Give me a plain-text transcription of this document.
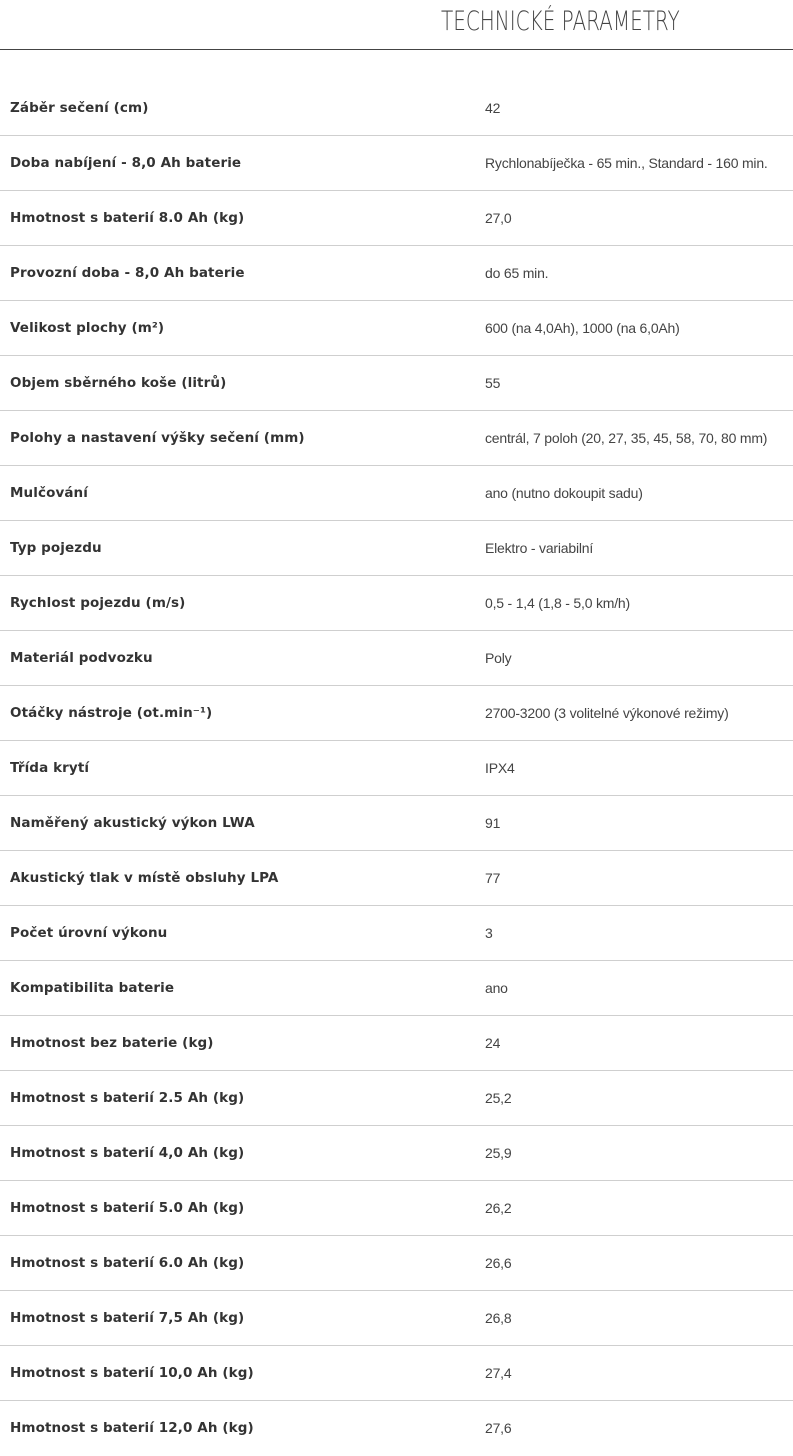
TECHNICKÉ PARAMETRY
Záběr sečení (cm)	42
Doba nabíjení - 8,0 Ah baterie	Rychlonabíječka - 65 min., Standard - 160 min.
Hmotnost s baterií 8.0 Ah (kg)	27,0
Provozní doba - 8,0 Ah baterie	do 65 min.
Velikost plochy (m²)	600 (na 4,0Ah), 1000 (na 6,0Ah)
Objem sběrného koše (litrů)	55
Polohy a nastavení výšky sečení (mm)	centrál, 7 poloh (20, 27, 35, 45, 58, 70, 80 mm)
Mulčování	ano (nutno dokoupit sadu)
Typ pojezdu	Elektro - variabilní
Rychlost pojezdu (m/s)	0,5 - 1,4 (1,8 - 5,0 km/h)
Materiál podvozku	Poly
Otáčky nástroje (ot.min⁻¹)	2700-3200 (3 volitelné výkonové režimy)
Třída krytí	IPX4
Naměřený akustický výkon LWA	91
Akustický tlak v místě obsluhy LPA	77
Počet úrovní výkonu	3
Kompatibilita baterie	ano
Hmotnost bez baterie (kg)	24
Hmotnost s baterií 2.5 Ah (kg)	25,2
Hmotnost s baterií 4,0 Ah (kg)	25,9
Hmotnost s baterií 5.0 Ah (kg)	26,2
Hmotnost s baterií 6.0 Ah (kg)	26,6
Hmotnost s baterií 7,5 Ah (kg)	26,8
Hmotnost s baterií 10,0 Ah (kg)	27,4
Hmotnost s baterií 12,0 Ah (kg)	27,6
